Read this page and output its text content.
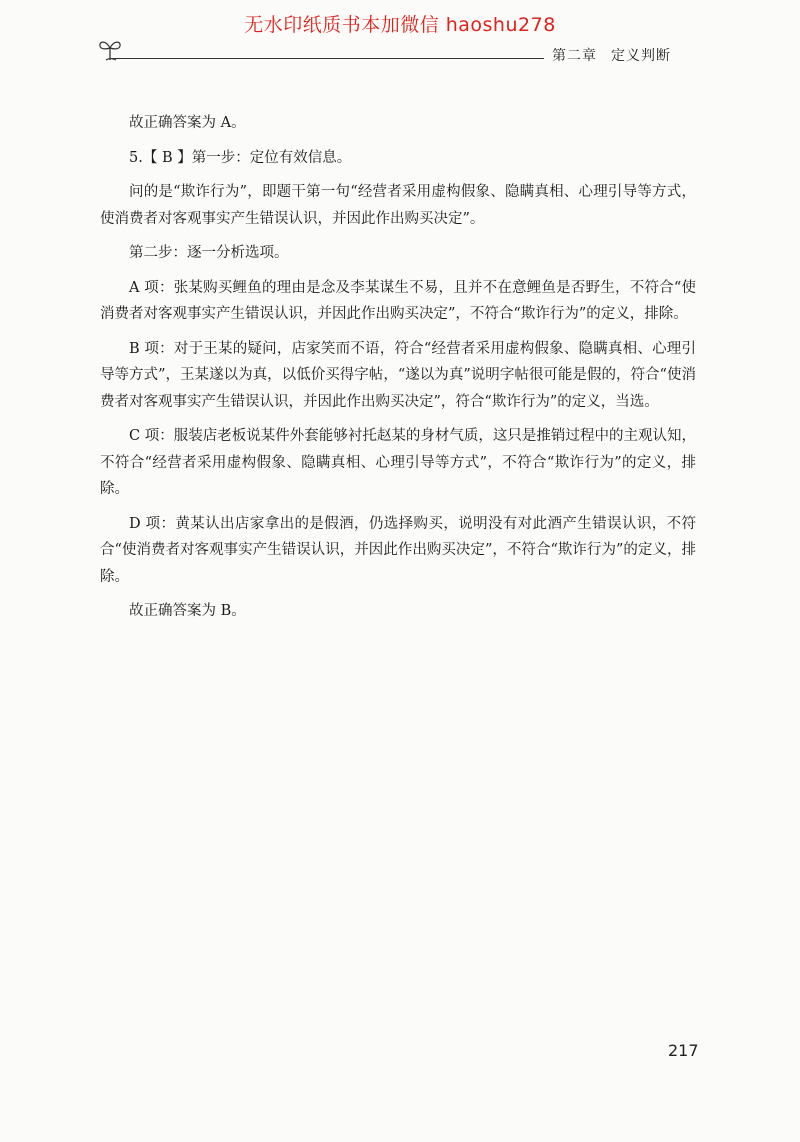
无水印纸质书本加微信 haoshu278
第二章 定义判断

故正确答案为 A。

5.【 B 】第一步：定位有效信息。

问的是“欺诈行为”，即题干第一句“经营者采用虚构假象、隐瞒真相、心理引导等方式，使消费者对客观事实产生错误认识，并因此作出购买决定”。

第二步：逐一分析选项。

A 项：张某购买鲤鱼的理由是念及李某谋生不易，且并不在意鲤鱼是否野生，不符合“使消费者对客观事实产生错误认识，并因此作出购买决定”，不符合“欺诈行为”的定义，排除。

B 项：对于王某的疑问，店家笑而不语，符合“经营者采用虚构假象、隐瞒真相、心理引导等方式”，王某遂以为真，以低价买得字帖，“遂以为真”说明字帖很可能是假的，符合“使消费者对客观事实产生错误认识，并因此作出购买决定”，符合“欺诈行为”的定义，当选。

C 项：服装店老板说某件外套能够衬托赵某的身材气质，这只是推销过程中的主观认知，不符合“经营者采用虚构假象、隐瞒真相、心理引导等方式”，不符合“欺诈行为”的定义，排除。

D 项：黄某认出店家拿出的是假酒，仍选择购买，说明没有对此酒产生错误认识，不符合“使消费者对客观事实产生错误认识，并因此作出购买决定”，不符合“欺诈行为”的定义，排除。

故正确答案为 B。

217
